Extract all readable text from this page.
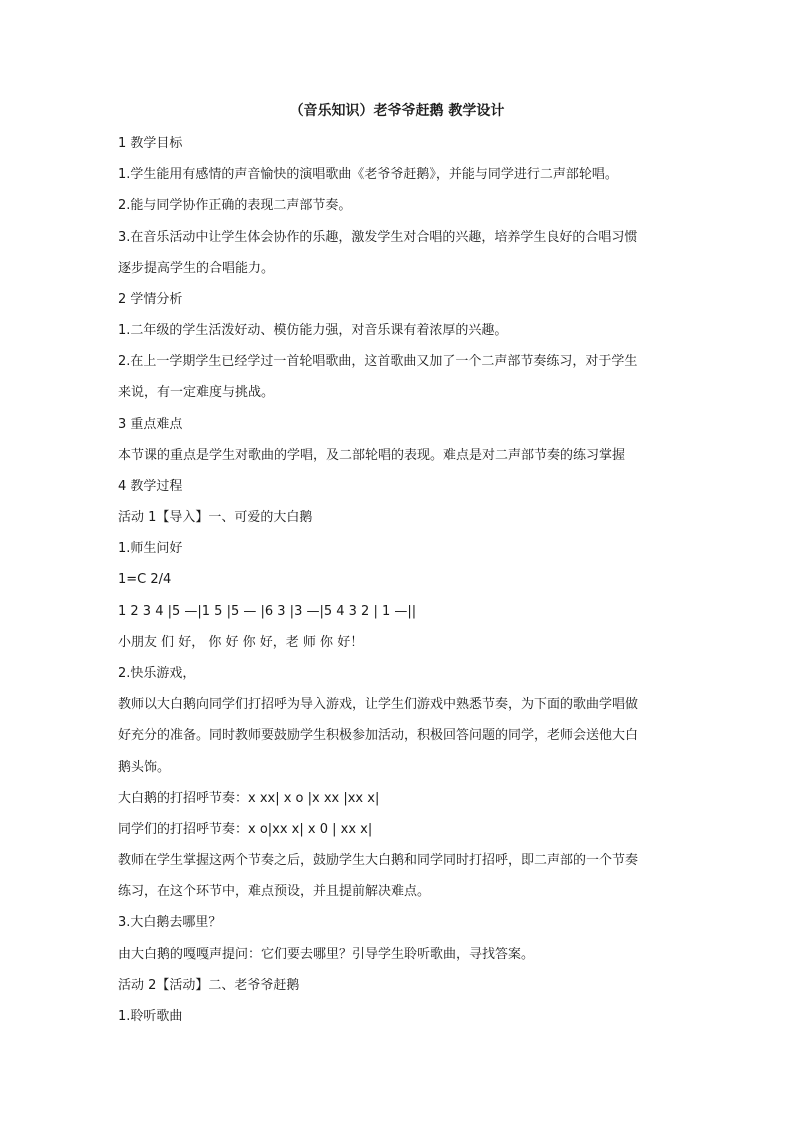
（音乐知识）老爷爷赶鹅 教学设计
1 教学目标
1.学生能用有感情的声音愉快的演唱歌曲《老爷爷赶鹅》，并能与同学进行二声部轮唱。
2.能与同学协作正确的表现二声部节奏。
3.在音乐活动中让学生体会协作的乐趣，激发学生对合唱的兴趣，培养学生良好的合唱习惯
逐步提高学生的合唱能力。
2 学情分析
1.二年级的学生活泼好动、模仿能力强，对音乐课有着浓厚的兴趣。
2.在上一学期学生已经学过一首轮唱歌曲，这首歌曲又加了一个二声部节奏练习，对于学生
来说，有一定难度与挑战。
3 重点难点
本节课的重点是学生对歌曲的学唱，及二部轮唱的表现。难点是对二声部节奏的练习掌握
4 教学过程
活动 1【导入】一、可爱的大白鹅
1.师生问好
1=C 2/4
1 2 3 4 |5 —|1 5 |5 — |6 3 |3 —|5 4 3 2 | 1 —||
小朋友 们 好， 你 好 你 好，老 师 你 好！
2.快乐游戏，
教师以大白鹅向同学们打招呼为导入游戏，让学生们游戏中熟悉节奏，为下面的歌曲学唱做
好充分的准备。同时教师要鼓励学生积极参加活动，积极回答问题的同学，老师会送他大白
鹅头饰。
大白鹅的打招呼节奏：x xx| x o |x xx |xx x|
同学们的打招呼节奏：x o|xx x| x 0 | xx x|
教师在学生掌握这两个节奏之后，鼓励学生大白鹅和同学同时打招呼，即二声部的一个节奏
练习，在这个环节中，难点预设，并且提前解决难点。
3.大白鹅去哪里？
由大白鹅的嘎嘎声提问：它们要去哪里？引导学生聆听歌曲，寻找答案。
活动 2【活动】二、老爷爷赶鹅
1.聆听歌曲
